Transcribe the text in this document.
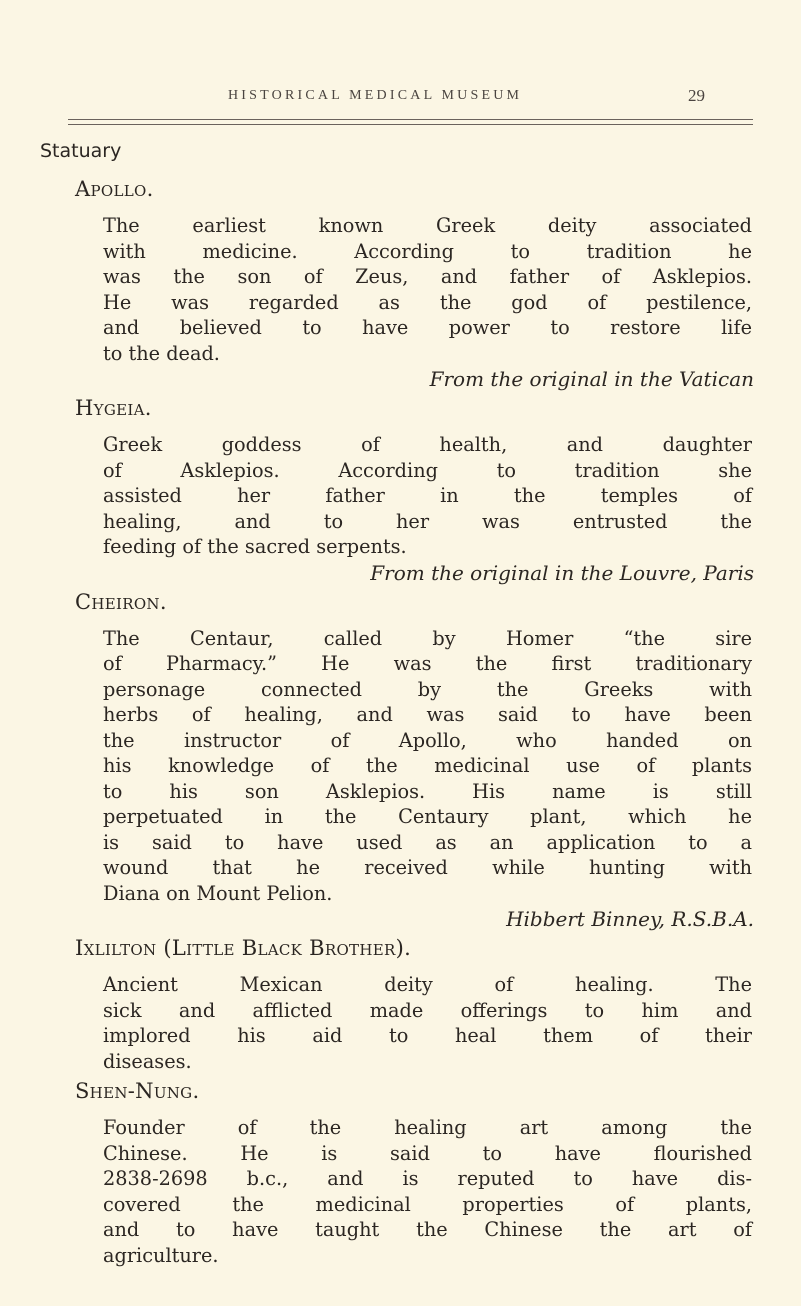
HISTORICAL MEDICAL MUSEUM	29
Statuary
Apollo.
The earliest known Greek deity associated
with medicine. According to tradition he
was the son of Zeus, and father of Asklepios.
He was regarded as the god of pestilence,
and believed to have power to restore life
to the dead.
From the original in the Vatican
Hygeia.
Greek goddess of health, and daughter
of Asklepios. According to tradition she
assisted her father in the temples of
healing, and to her was entrusted the
feeding of the sacred serpents.
From the original in the Louvre, Paris
Cheiron.
The Centaur, called by Homer “the sire
of Pharmacy.” He was the first traditionary
personage connected by the Greeks with
herbs of healing, and was said to have been
the instructor of Apollo, who handed on
his knowledge of the medicinal use of plants
to his son Asklepios. His name is still
perpetuated in the Centaury plant, which he
is said to have used as an application to a
wound that he received while hunting with
Diana on Mount Pelion.
Hibbert Binney, R.S.B.A.
Ixlilton (Little Black Brother).
Ancient Mexican deity of healing. The
sick and afflicted made offerings to him and
implored his aid to heal them of their
diseases.
Shen-Nung.
Founder of the healing art among the
Chinese. He is said to have flourished
2838-2698 b.c., and is reputed to have dis-
covered the medicinal properties of plants,
and to have taught the Chinese the art of
agriculture.
